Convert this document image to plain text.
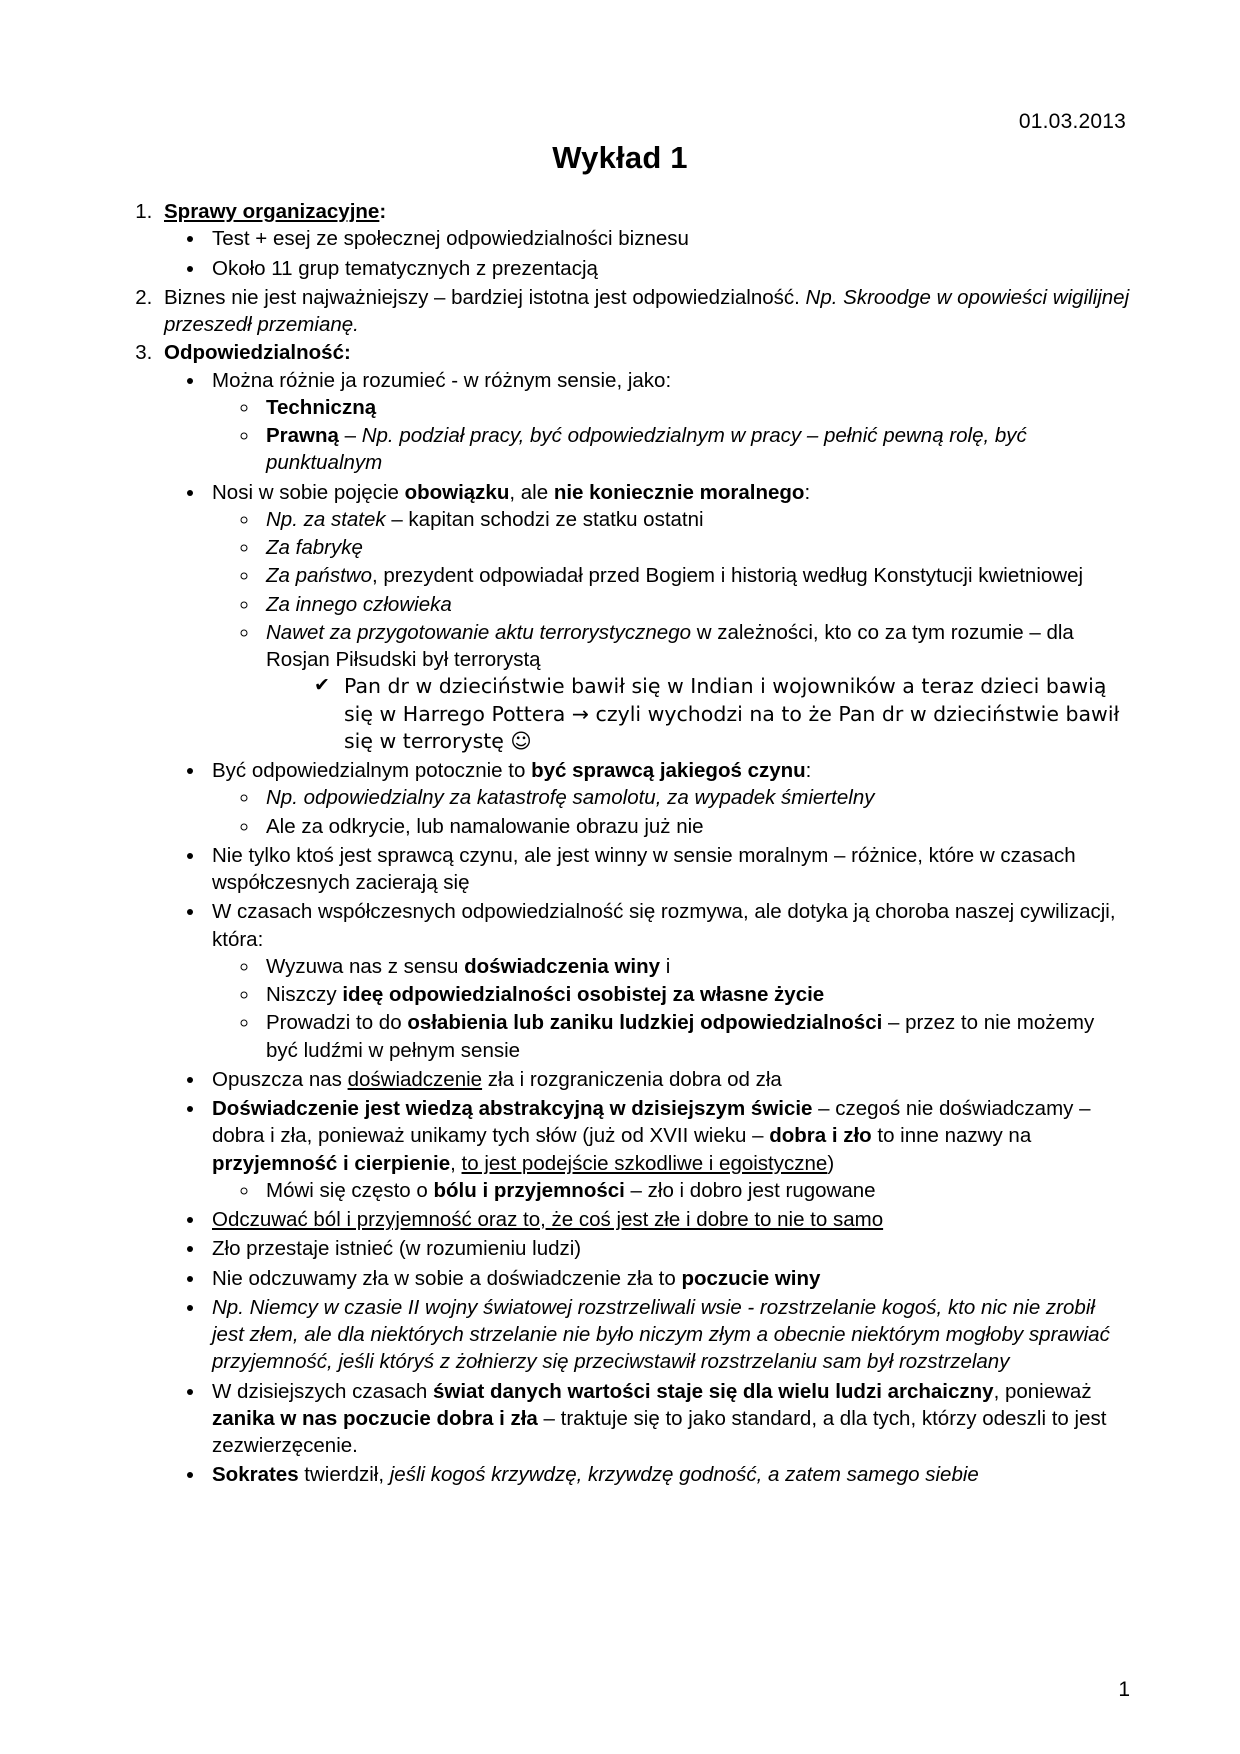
01.03.2013
Wykład 1
1. Sprawy organizacyjne:
• Test + esej ze społecznej odpowiedzialności biznesu
• Około 11 grup tematycznych z prezentacją
2. Biznes nie jest najważniejszy – bardziej istotna jest odpowiedzialność. Np. Skroodge w opowieści wigilijnej przeszedł przemianę.
3. Odpowiedzialność:
• Można różnie ja rozumieć - w różnym sensie, jako:
◦ Techniczną
◦ Prawną – Np. podział pracy, być odpowiedzialnym w pracy – pełnić pewną rolę, być punktualnym
• Nosi w sobie pojęcie obowiązku, ale nie koniecznie moralnego:
◦ Np. za statek – kapitan schodzi ze statku ostatni
◦ Za fabrykę
◦ Za państwo, prezydent odpowiadał przed Bogiem i historią według Konstytucji kwietniowej
◦ Za innego człowieka
◦ Nawet za przygotowanie aktu terrorystycznego w zależności, kto co za tym rozumie – dla Rosjan Piłsudski był terrorystą
✔ Pan dr w dzieciństwie bawił się w Indian i wojowników a teraz dzieci bawią się w Harrego Pottera → czyli wychodzi na to że Pan dr w dzieciństwie bawił się w terrorystę ☺
• Być odpowiedzialnym potocznie to być sprawcą jakiegoś czynu:
◦ Np. odpowiedzialny za katastrofę samolotu, za wypadek śmiertelny
◦ Ale za odkrycie, lub namalowanie obrazu już nie
• Nie tylko ktoś jest sprawcą czynu, ale jest winny w sensie moralnym – różnice, które w czasach współczesnych zacierają się
• W czasach współczesnych odpowiedzialność się rozmywa, ale dotyka ją choroba naszej cywilizacji, która:
◦ Wyzuwa nas z sensu doświadczenia winy i
◦ Niszczy ideę odpowiedzialności osobistej za własne życie
◦ Prowadzi to do osłabienia lub zaniku ludzkiej odpowiedzialności – przez to nie możemy być ludźmi w pełnym sensie
• Opuszcza nas doświadczenie zła i rozgraniczenia dobra od zła
• Doświadczenie jest wiedzą abstrakcyjną w dzisiejszym świcie – czegoś nie doświadczamy – dobra i zła, ponieważ unikamy tych słów (już od XVII wieku – dobra i zło to inne nazwy na przyjemność i cierpienie, to jest podejście szkodliwe i egoistyczne)
◦ Mówi się często o bólu i przyjemności – zło i dobro jest rugowane
• Odczuwać ból i przyjemność oraz to, że coś jest złe i dobre to nie to samo
• Zło przestaje istnieć (w rozumieniu ludzi)
• Nie odczuwamy zła w sobie a doświadczenie zła to poczucie winy
• Np. Niemcy w czasie II wojny światowej rozstrzeliwali wsie - rozstrzelanie kogoś, kto nic nie zrobił jest złem, ale dla niektórych strzelanie nie było niczym złym a obecnie niektórym mogłoby sprawiać przyjemność, jeśli któryś z żołnierzy się przeciwstawił rozstrzelaniu sam był rozstrzelany
• W dzisiejszych czasach świat danych wartości staje się dla wielu ludzi archaiczny, ponieważ zanika w nas poczucie dobra i zła – traktuje się to jako standard, a dla tych, którzy odeszli to jest zezwierzęcenie.
• Sokrates twierdził, jeśli kogoś krzywdzę, krzywdzę godność, a zatem samego siebie
1
